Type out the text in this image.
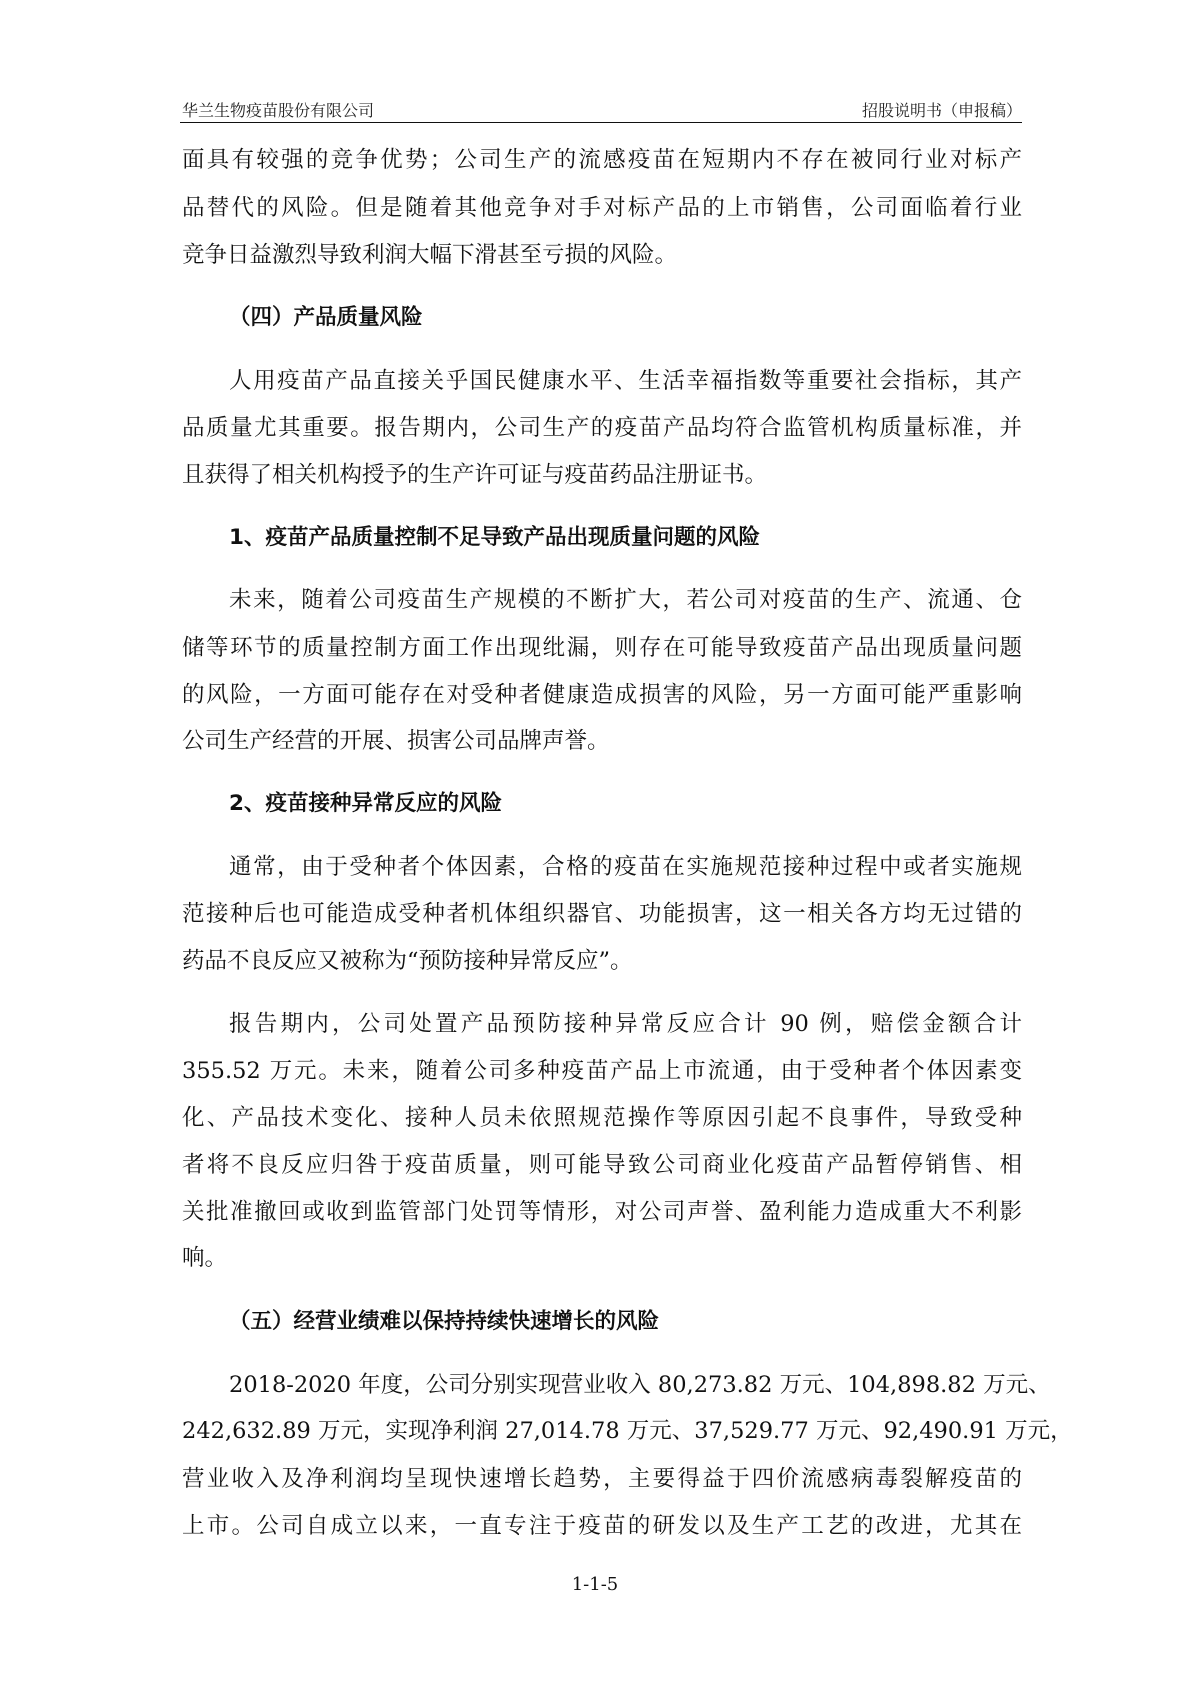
华兰生物疫苗股份有限公司	招股说明书（申报稿）
面具有较强的竞争优势；公司生产的流感疫苗在短期内不存在被同行业对标产
品替代的风险。但是随着其他竞争对手对标产品的上市销售，公司面临着行业
竞争日益激烈导致利润大幅下滑甚至亏损的风险。
（四）产品质量风险
人用疫苗产品直接关乎国民健康水平、生活幸福指数等重要社会指标，其产
品质量尤其重要。报告期内，公司生产的疫苗产品均符合监管机构质量标准，并
且获得了相关机构授予的生产许可证与疫苗药品注册证书。
1、疫苗产品质量控制不足导致产品出现质量问题的风险
未来，随着公司疫苗生产规模的不断扩大，若公司对疫苗的生产、流通、仓
储等环节的质量控制方面工作出现纰漏，则存在可能导致疫苗产品出现质量问题
的风险，一方面可能存在对受种者健康造成损害的风险，另一方面可能严重影响
公司生产经营的开展、损害公司品牌声誉。
2、疫苗接种异常反应的风险
通常，由于受种者个体因素，合格的疫苗在实施规范接种过程中或者实施规
范接种后也可能造成受种者机体组织器官、功能损害，这一相关各方均无过错的
药品不良反应又被称为“预防接种异常反应”。
报告期内，公司处置产品预防接种异常反应合计 90 例，赔偿金额合计
355.52 万元。未来，随着公司多种疫苗产品上市流通，由于受种者个体因素变
化、产品技术变化、接种人员未依照规范操作等原因引起不良事件，导致受种
者将不良反应归咎于疫苗质量，则可能导致公司商业化疫苗产品暂停销售、相
关批准撤回或收到监管部门处罚等情形，对公司声誉、盈利能力造成重大不利影
响。
（五）经营业绩难以保持持续快速增长的风险
2018-2020 年度，公司分别实现营业收入 80,273.82 万元、104,898.82 万元、
242,632.89 万元，实现净利润 27,014.78 万元、37,529.77 万元、92,490.91 万元，
营业收入及净利润均呈现快速增长趋势，主要得益于四价流感病毒裂解疫苗的
上市。公司自成立以来，一直专注于疫苗的研发以及生产工艺的改进，尤其在
1-1-5
